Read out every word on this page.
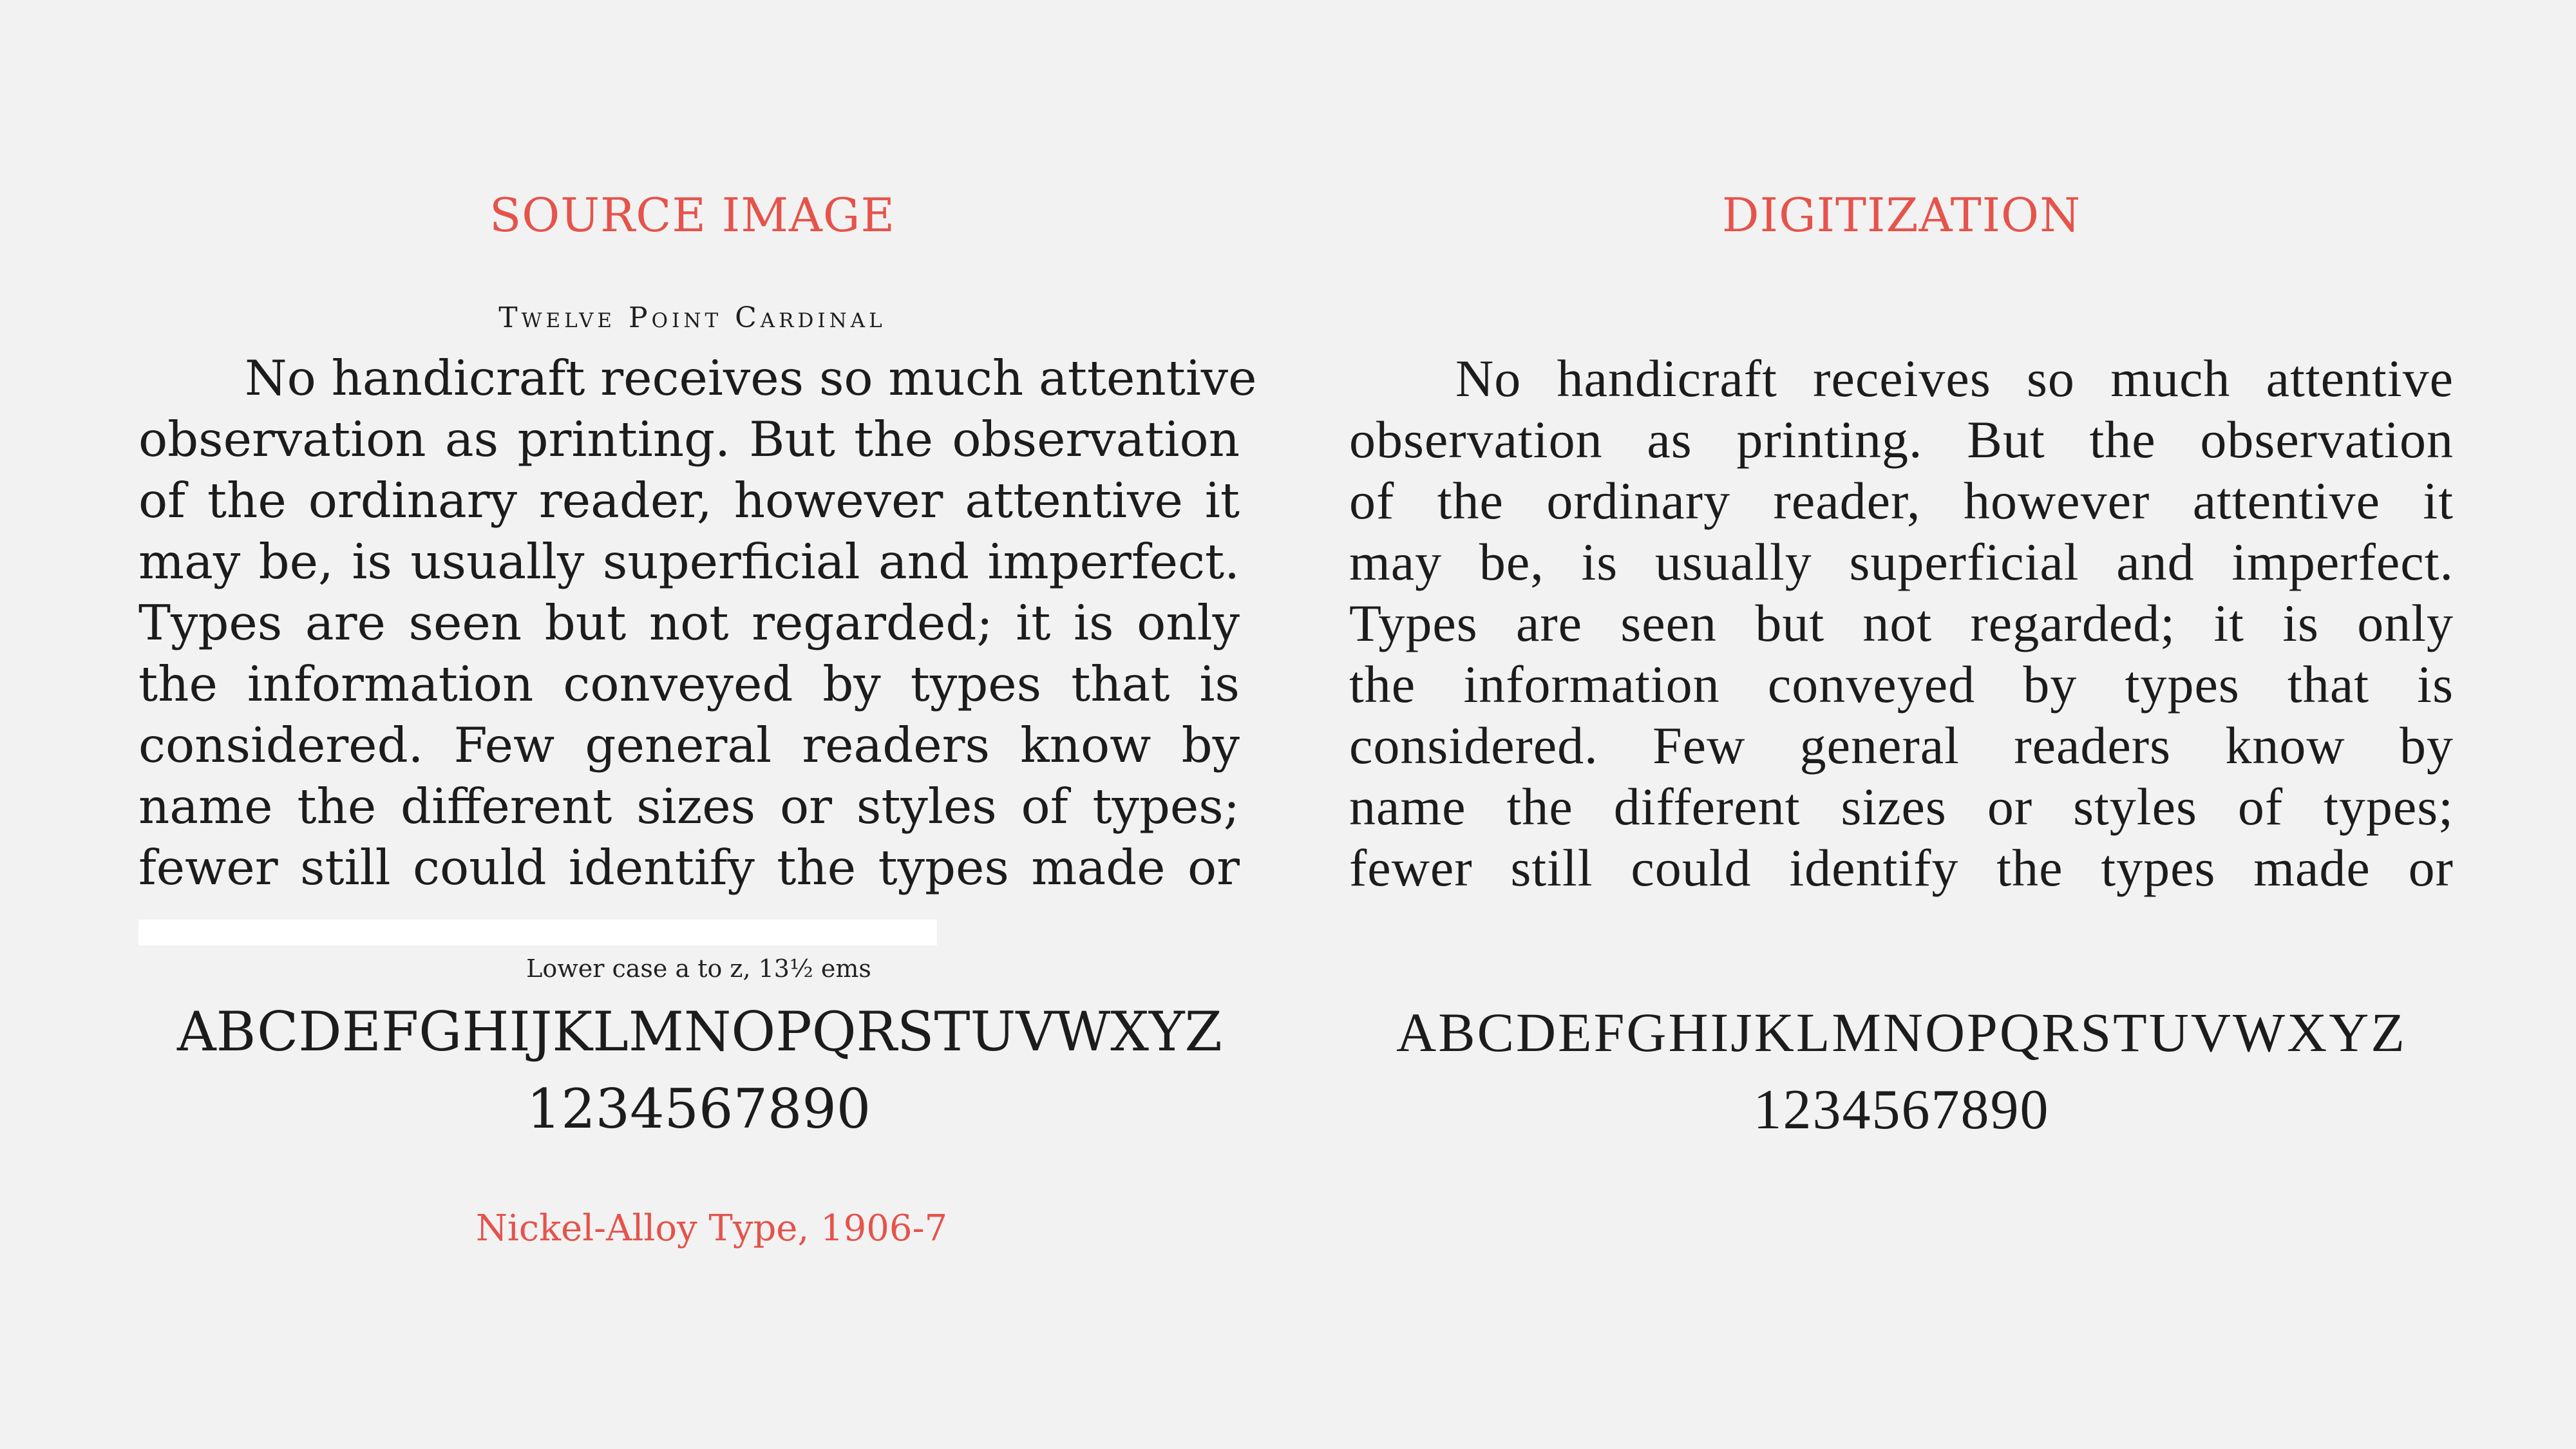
SOURCE IMAGE
Twelve Point Cardinal
No handicraft receives so much attentive
observation as printing. But the observation
of the ordinary reader, however attentive it
may be, is usually superficial and imperfect.
Types are seen but not regarded; it is only
the information conveyed by types that is
considered. Few general readers know by
name the different sizes or styles of types;
fewer still could identify the types made or
Lower case a to z, 13½ ems
ABCDEFGHIJKLMNOPQRSTUVWXYZ
1234567890
Nickel-Alloy Type, 1906-7
DIGITIZATION
No handicraft receives so much attentive
observation as printing. But the observation
of the ordinary reader, however attentive it
may be, is usually superficial and imperfect.
Types are seen but not regarded; it is only
the information conveyed by types that is
considered. Few general readers know by
name the different sizes or styles of types;
fewer still could identify the types made or
ABCDEFGHIJKLMNOPQRSTUVWXYZ
1234567890
